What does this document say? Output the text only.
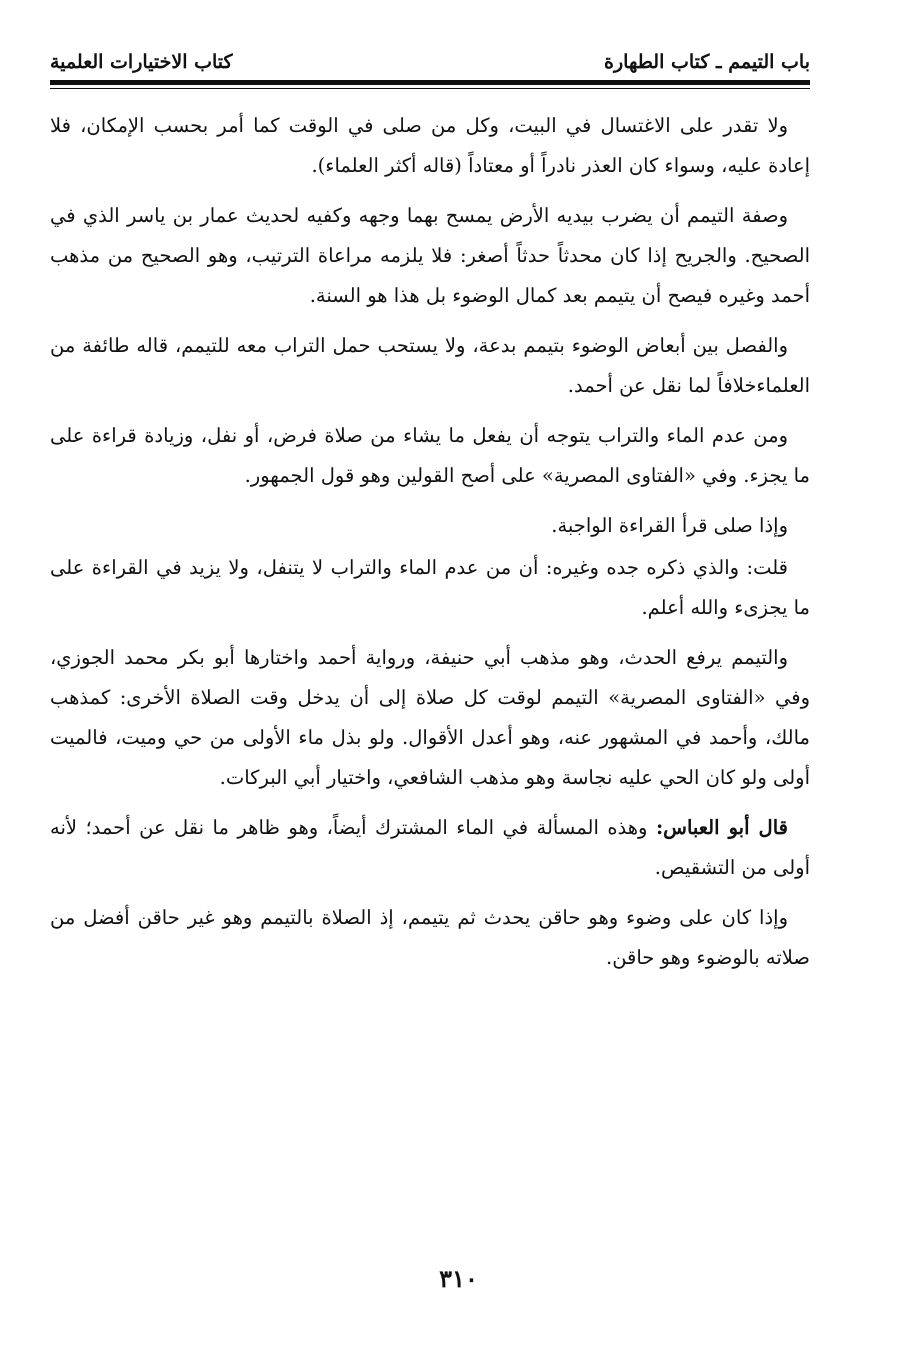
باب التيمم ـ كتاب الطهارة
كتاب الاختيارات العلمية

ولا تقدر على الاغتسال في البيت، وكل من صلى في الوقت كما أمر بحسب الإمكان، فلا إعادة عليه، وسواء كان العذر نادراً أو معتاداً (قاله أكثر العلماء).

وصفة التيمم أن يضرب بيديه الأرض يمسح بهما وجهه وكفيه لحديث عمار بن ياسر الذي في الصحيح. والجريح إذا كان محدثاً حدثاً أصغر: فلا يلزمه مراعاة الترتيب، وهو الصحيح من مذهب أحمد وغيره فيصح أن يتيمم بعد كمال الوضوء بل هذا هو السنة.

والفصل بين أبعاض الوضوء بتيمم بدعة، ولا يستحب حمل التراب معه للتيمم، قاله طائفة من العلماءخلافاً لما نقل عن أحمد.

ومن عدم الماء والتراب يتوجه أن يفعل ما يشاء من صلاة فرض، أو نفل، وزيادة قراءة على ما يجزء. وفي «الفتاوى المصرية» على أصح القولين وهو قول الجمهور.

وإذا صلى قرأ القراءة الواجبة.

قلت: والذي ذكره جده وغيره: أن من عدم الماء والتراب لا يتنفل، ولا يزيد في القراءة على ما يجزىء والله أعلم.

والتيمم يرفع الحدث، وهو مذهب أبي حنيفة، ورواية أحمد واختارها أبو بكر محمد الجوزي، وفي «الفتاوى المصرية» التيمم لوقت كل صلاة إلى أن يدخل وقت الصلاة الأخرى: كمذهب مالك، وأحمد في المشهور عنه، وهو أعدل الأقوال. ولو بذل ماء الأولى من حي وميت، فالميت أولى ولو كان الحي عليه نجاسة وهو مذهب الشافعي، واختيار أبي البركات.

قال أبو العباس: وهذه المسألة في الماء المشترك أيضاً، وهو ظاهر ما نقل عن أحمد؛ لأنه أولى من التشقيص.

وإذا كان على وضوء وهو حاقن يحدث ثم يتيمم، إذ الصلاة بالتيمم وهو غير حاقن أفضل من صلاته بالوضوء وهو حاقن.

٣١٠
